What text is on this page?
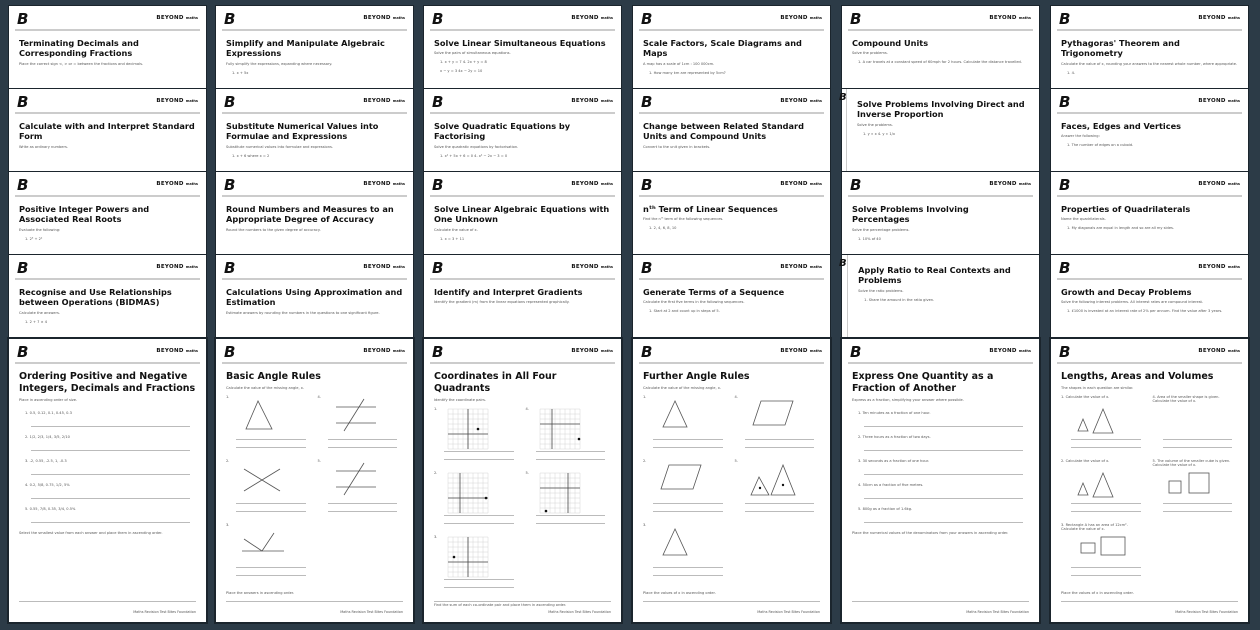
B	BEYOND maths
Terminating Decimals and Corresponding Fractions
Place the correct sign <, > or = between the fractions and decimals.
B	BEYOND maths
Calculate with and Interpret Standard Form
Write as ordinary numbers.
B	BEYOND maths
Positive Integer Powers and Associated Real Roots
Evaluate the following:
1. 2³ + 2²
B	BEYOND maths
Recognise and Use Relationships between Operations (BIDMAS)
Calculate the answers.
1. 2 + 7 × 4
B	BEYOND maths
Ordering Positive and Negative Integers, Decimals and Fractions
Place in ascending order of size.
1. 0.5, 0.12, 0.1, 0.45, 0.3
2. 1/2, 2/3, 1/4, 3/5, 2/10
3. -2, 0.55, -2.5, 1, -0.3
4. 0.2, 5/8, 0.75, 1/2, 5%
5. 0.55, 7/8, 0.35, 3/4, 0.5%
Select the smallest value from each answer and place them in ascending order.
Maths Revision Test Bites Foundation
B	BEYOND maths
Simplify and Manipulate Algebraic Expressions
Fully simplify the expressions, expanding where necessary.
1. x + 5x
B	BEYOND maths
Substitute Numerical Values into Formulae and Expressions
Substitute numerical values into formulae and expressions.
1. x + 6 where x = 2
B	BEYOND maths
Round Numbers and Measures to an Appropriate Degree of Accuracy
Round the numbers to the given degree of accuracy.
B	BEYOND maths
Calculations Using Approximation and Estimation
Estimate answers by rounding the numbers in the questions to one significant figure.
B	BEYOND maths
Basic Angle Rules
Calculate the value of the missing angle, x.
1.	4.
2.	5.
3.
Place the answers in ascending order.
Maths Revision Test Bites Foundation
B	BEYOND maths
Solve Linear Simultaneous Equations
Solve the pairs of simultaneous equations.
1. x + y = 7 4. 2x + y = 8
x − y = 3 4x − 2y = 10
B	BEYOND maths
Solve Quadratic Equations by Factorising
Solve the quadratic equations by factorisation.
1. x² + 5x + 6 = 0 4. x² − 2x − 3 = 0
B	BEYOND maths
Solve Linear Algebraic Equations with One Unknown
Calculate the value of x.
1. x = 3 + 11
B	BEYOND maths
Identify and Interpret Gradients
Identify the gradient (m) from the linear equations represented graphically.
B	BEYOND maths
Coordinates in All Four Quadrants
Identify the coordinate pairs.
1.	4.
2.	5.
3.
Find the sum of each co-ordinate pair and place them in ascending order.
Maths Revision Test Bites Foundation
B	BEYOND maths
Scale Factors, Scale Diagrams and Maps
A map has a scale of 1cm : 100 000cm.
1. How many km are represented by 5cm?
B	BEYOND maths
Change between Related Standard Units and Compound Units
Convert to the unit given in brackets.
B	BEYOND maths
nᵗʰ Term of Linear Sequences
Find the nᵗʰ term of the following sequences.
1. 2, 4, 6, 8, 10
B	BEYOND maths
Generate Terms of a Sequence
Calculate the first five terms in the following sequences.
1. Start at 2 and count up in steps of 5.
B	BEYOND maths
Further Angle Rules
Calculate the value of the missing angle, x.
1.	4.
2.	5.
3.
Place the values of x in ascending order.
Maths Revision Test Bites Foundation
B	BEYOND maths
Compound Units
Solve the problems.
1. A car travels at a constant speed of 60mph for 2 hours. Calculate the distance travelled.
B
Solve Problems Involving Direct and Inverse Proportion
Solve the problems.
1. y ∝ x 4. y ∝ 1/x
B	BEYOND maths
Solve Problems Involving Percentages
Solve the percentage problems.
1. 10% of 40
B
Apply Ratio to Real Contexts and Problems
Solve the ratio problems.
1. Share the amount in the ratio given.
B	BEYOND maths
Express One Quantity as a Fraction of Another
Express as a fraction, simplifying your answer where possible.
1. Ten minutes as a fraction of one hour.
2. Three hours as a fraction of two days.
3. 30 seconds as a fraction of one hour.
4. 50cm as a fraction of five metres.
5. 800g as a fraction of 1.6kg.
Place the numerical values of the denominators from your answers in ascending order.
Maths Revision Test Bites Foundation
B	BEYOND maths
Pythagoras' Theorem and Trigonometry
Calculate the value of x, rounding your answers to the nearest whole number, where appropriate.
1. 4.
B	BEYOND maths
Faces, Edges and Vertices
Answer the following:
1. The number of edges on a cuboid.
B	BEYOND maths
Properties of Quadrilaterals
Name the quadrilaterals.
1. My diagonals are equal in length and so are all my sides.
B	BEYOND maths
Growth and Decay Problems
Solve the following interest problems. All interest rates are compound interest.
1. £1000 is invested at an interest rate of 2% per annum. Find the value after 3 years.
B	BEYOND maths
Lengths, Areas and Volumes
The shapes in each question are similar.
1. Calculate the value of x.	4. Area of the smaller shape is given. Calculate the value of x.
2. Calculate the value of x.	5. The volume of the smaller cube is given. Calculate the value of x.
3. Rectangle A has an area of 12cm². Calculate the value of x.
Place the values of x in ascending order.
Maths Revision Test Bites Foundation
